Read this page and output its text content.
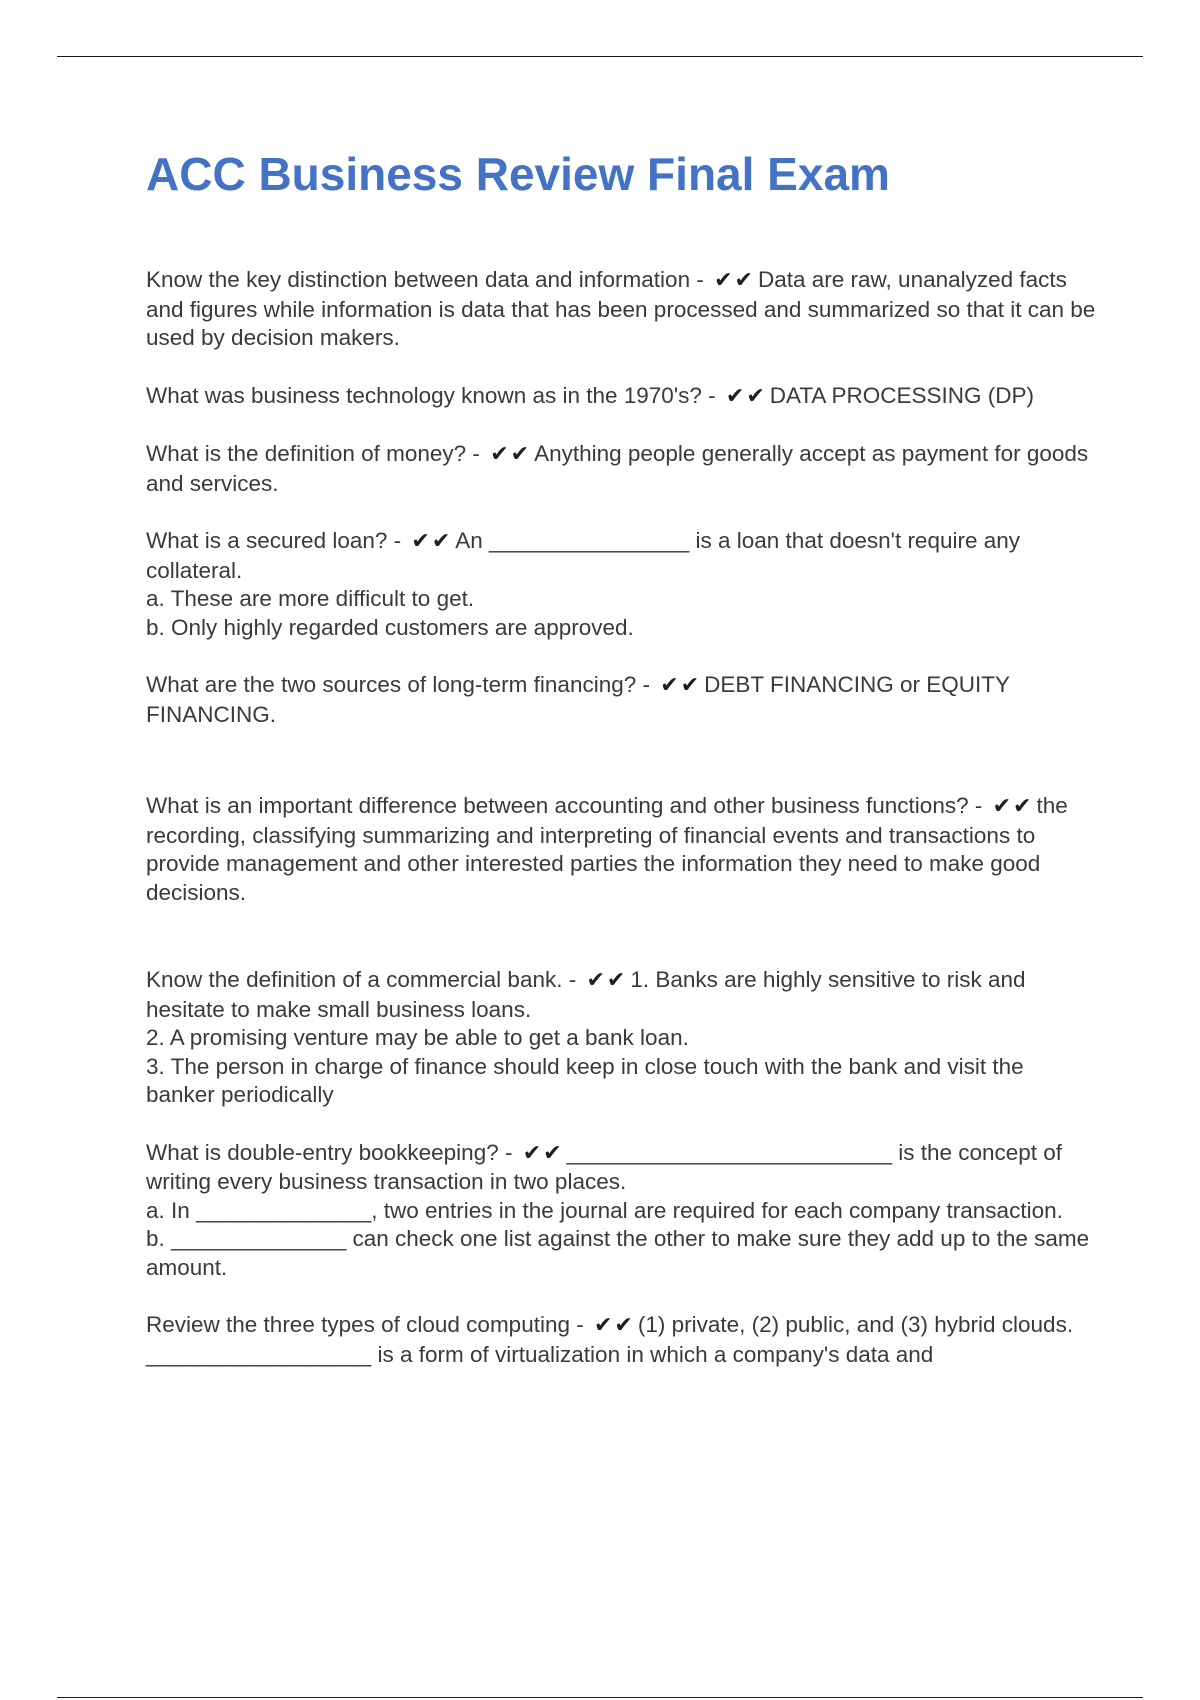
ACC Business Review Final Exam

Know the key distinction between data and information - ✔✔ Data are raw, unanalyzed facts and figures while information is data that has been processed and summarized so that it can be used by decision makers.

What was business technology known as in the 1970's? - ✔✔ DATA PROCESSING (DP)

What is the definition of money? - ✔✔ Anything people generally accept as payment for goods and services.

What is a secured loan? - ✔✔ An ________________ is a loan that doesn't require any collateral.
a. These are more difficult to get.
b. Only highly regarded customers are approved.

What are the two sources of long-term financing? - ✔✔ DEBT FINANCING or EQUITY FINANCING.

What is an important difference between accounting and other business functions? - ✔✔ the recording, classifying summarizing and interpreting of financial events and transactions to provide management and other interested parties the information they need to make good decisions.

Know the definition of a commercial bank. - ✔✔ 1. Banks are highly sensitive to risk and hesitate to make small business loans.
2. A promising venture may be able to get a bank loan.
3. The person in charge of finance should keep in close touch with the bank and visit the banker periodically

What is double-entry bookkeeping? - ✔✔ __________________________ is the concept of writing every business transaction in two places.
a. In ______________, two entries in the journal are required for each company transaction.
b. ______________ can check one list against the other to make sure they add up to the same amount.

Review the three types of cloud computing - ✔✔ (1) private, (2) public, and (3) hybrid clouds. __________________ is a form of virtualization in which a company's data and
